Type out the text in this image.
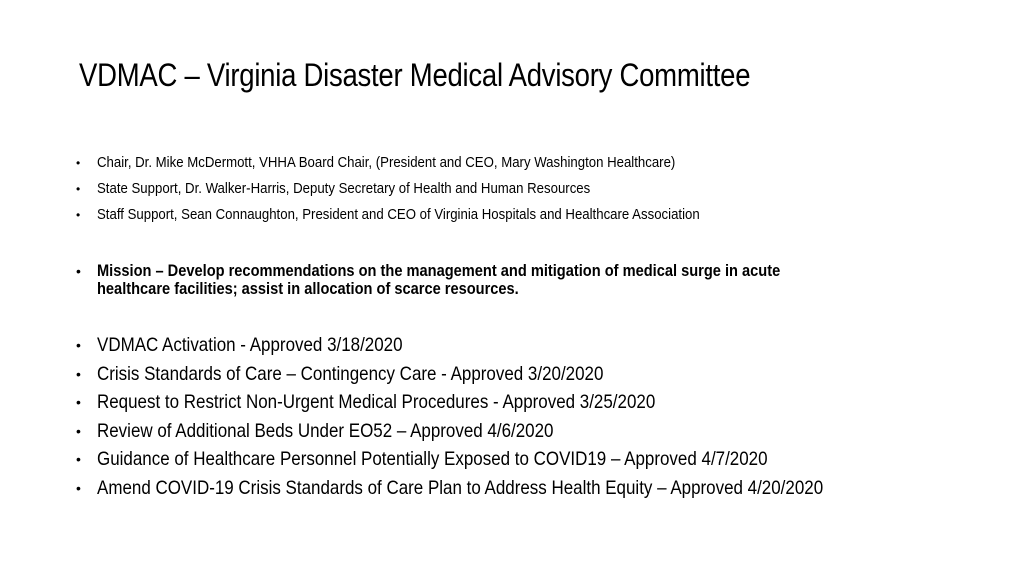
VDMAC – Virginia Disaster Medical Advisory Committee
• Chair, Dr. Mike McDermott, VHHA Board Chair, (President and CEO, Mary Washington Healthcare)
• State Support, Dr. Walker-Harris, Deputy Secretary of Health and Human Resources
• Staff Support, Sean Connaughton, President and CEO of Virginia Hospitals and Healthcare Association
• Mission – Develop recommendations on the management and mitigation of medical surge in acute
healthcare facilities; assist in allocation of scarce resources.
• VDMAC Activation - Approved 3/18/2020
• Crisis Standards of Care – Contingency Care - Approved 3/20/2020
• Request to Restrict Non-Urgent Medical Procedures - Approved 3/25/2020
• Review of Additional Beds Under EO52 – Approved 4/6/2020
• Guidance of Healthcare Personnel Potentially Exposed to COVID19 – Approved 4/7/2020
• Amend COVID-19 Crisis Standards of Care Plan to Address Health Equity – Approved 4/20/2020
